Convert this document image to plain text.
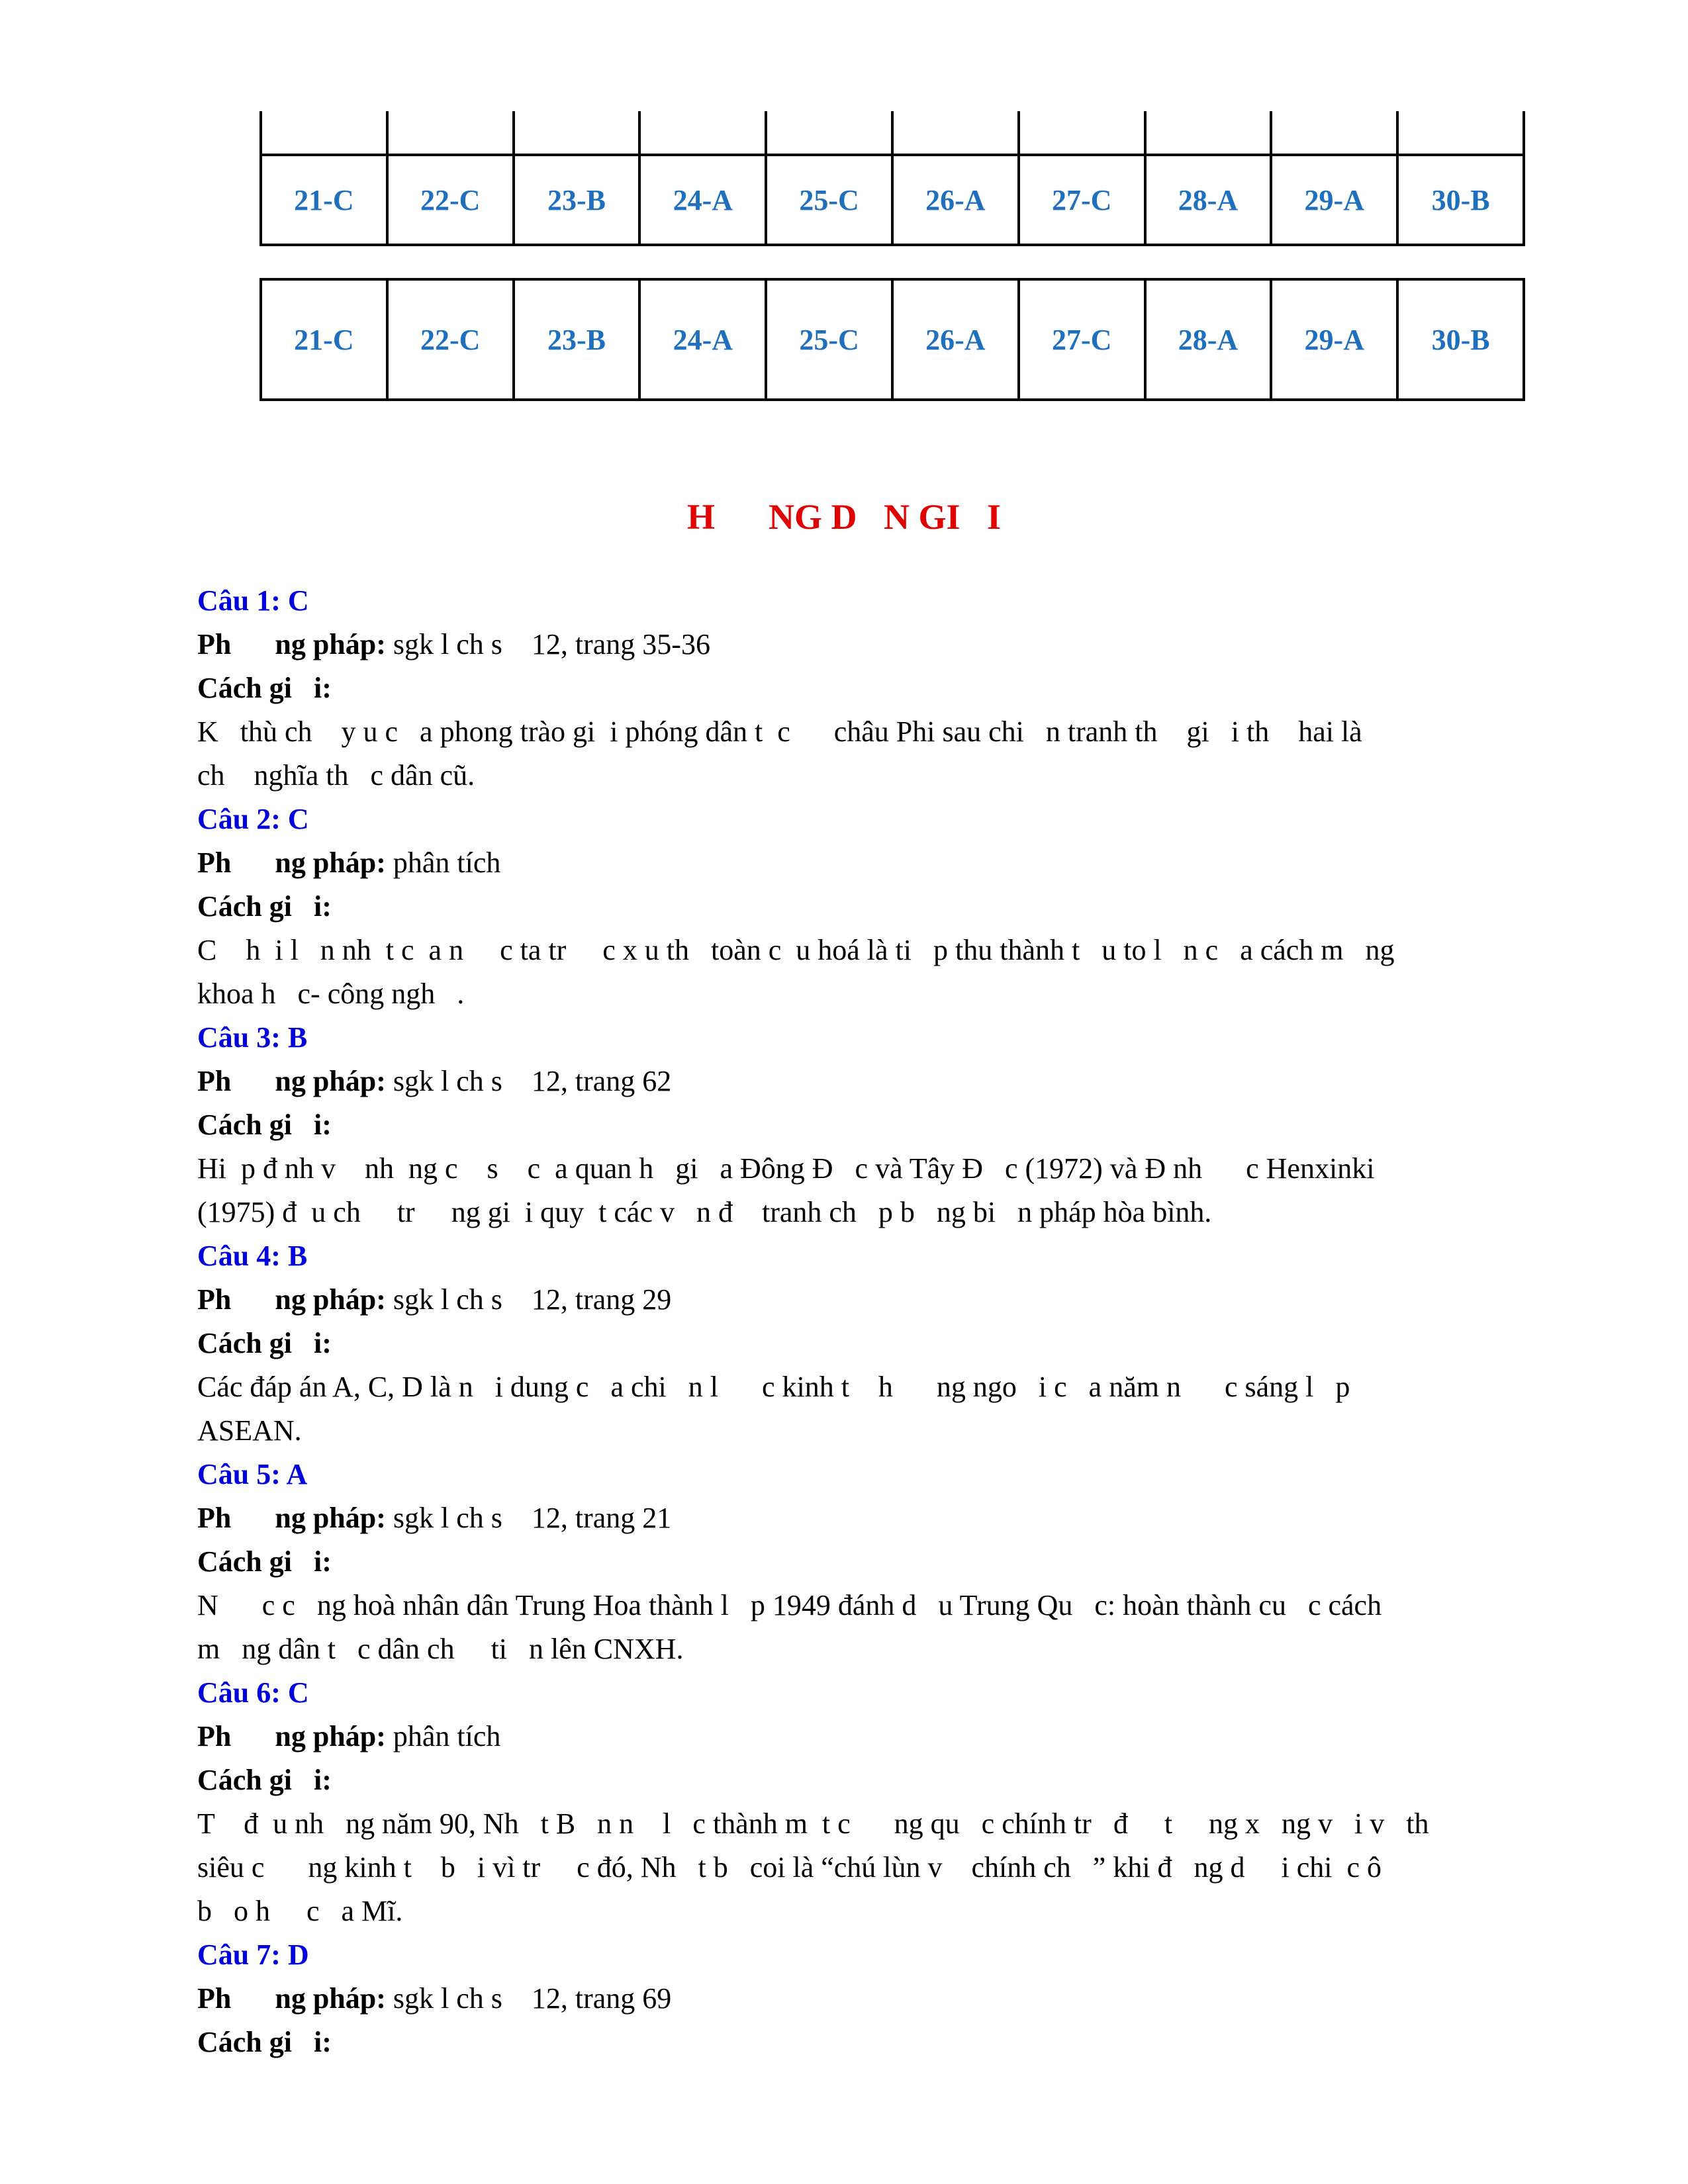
21-C	22-C	23-B	24-A	25-C	26-A	27-C	28-A	29-A	30-B
21-C	22-C	23-B	24-A	25-C	26-A	27-C	28-A	29-A	30-B
H      NG D   N GI   I
Câu 1: C
Ph      ng pháp: sgk l ch s    12, trang 35-36
Cách gi   i:
K   thù ch    y u c   a phong trào gi  i phóng dân t  c      châu Phi sau chi   n tranh th    gi   i th    hai là
ch    nghĩa th   c dân cũ.
Câu 2: C
Ph      ng pháp: phân tích
Cách gi   i:
C    h  i l   n nh  t c  a n     c ta tr     c x u th   toàn c  u hoá là ti   p thu thành t   u to l   n c   a cách m   ng
khoa h   c- công ngh   .
Câu 3: B
Ph      ng pháp: sgk l ch s    12, trang 62
Cách gi   i:
Hi  p đ nh v    nh  ng c    s    c  a quan h   gi   a Đông Đ   c và Tây Đ   c (1972) và Đ nh      c Henxinki
(1975) đ  u ch     tr     ng gi  i quy  t các v   n đ    tranh ch   p b   ng bi   n pháp hòa bình.
Câu 4: B
Ph      ng pháp: sgk l ch s    12, trang 29
Cách gi   i:
Các đáp án A, C, D là n   i dung c   a chi   n l      c kinh t    h      ng ngo   i c   a năm n      c sáng l   p
ASEAN.
Câu 5: A
Ph      ng pháp: sgk l ch s    12, trang 21
Cách gi   i:
N      c c   ng hoà nhân dân Trung Hoa thành l   p 1949 đánh d   u Trung Qu   c: hoàn thành cu   c cách
m   ng dân t   c dân ch     ti   n lên CNXH.
Câu 6: C
Ph      ng pháp: phân tích
Cách gi   i:
T    đ  u nh   ng năm 90, Nh   t B   n n    l   c thành m  t c      ng qu   c chính tr   đ     t     ng x   ng v   i v   th
siêu c      ng kinh t    b   i vì tr     c đó, Nh   t b   coi là “chú lùn v    chính ch   ” khi đ   ng d     i chi  c ô
b   o h     c   a Mĩ.
Câu 7: D
Ph      ng pháp: sgk l ch s    12, trang 69
Cách gi   i:
